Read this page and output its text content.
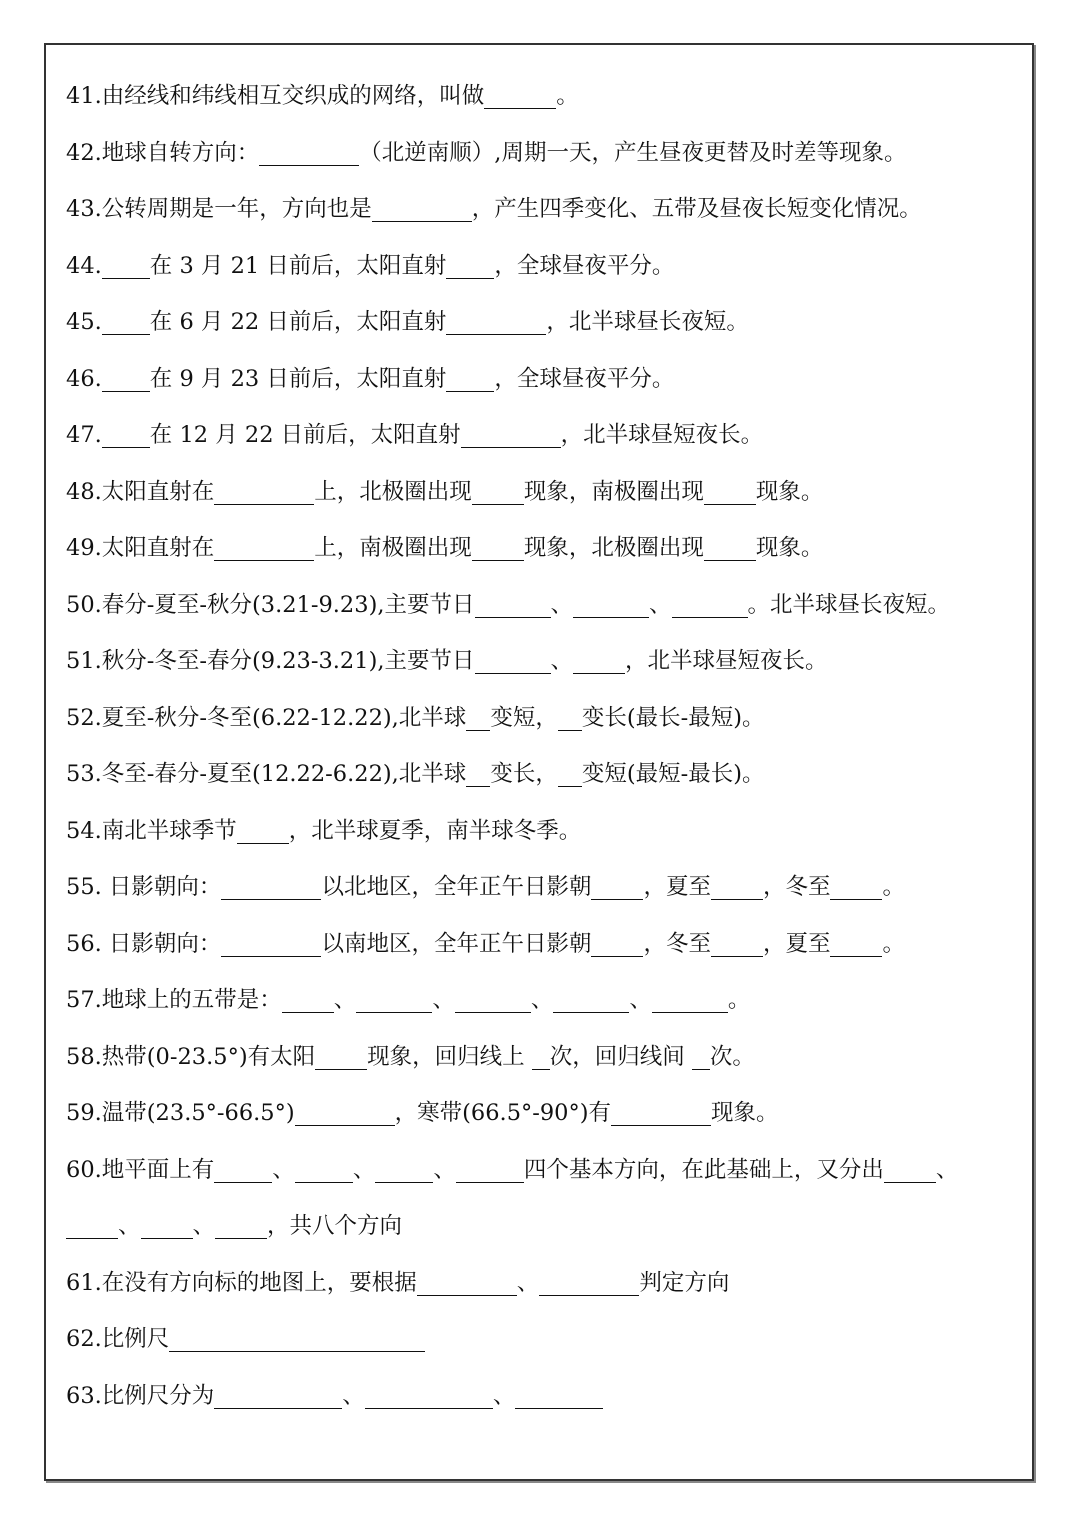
41.由经线和纬线相互交织成的网络，叫做	。
42.地球自转方向：	（北逆南顺）,周期一天，产生昼夜更替及时差等现象。
43.公转周期是一年，方向也是	，产生四季变化、五带及昼夜长短变化情况。
44. 在 3 月 21 日前后，太阳直射 ，全球昼夜平分。
45. 在 6 月 22 日前后，太阳直射	，北半球昼长夜短。
46. 在 9 月 23 日前后，太阳直射 ，全球昼夜平分。
47. 在 12 月 22 日前后，太阳直射	，北半球昼短夜长。
48.太阳直射在	上，北极圈出现 现象，南极圈出现 现象。
49.太阳直射在	上，南极圈出现 现象，北极圈出现 现象。
50.春分-夏至-秋分(3.21-9.23),主要节日	、	、	。北半球昼长夜短。
51.秋分-冬至-春分(9.23-3.21),主要节日	、 ，北半球昼短夜长。
52.夏至-秋分-冬至(6.22-12.22),北半球 变短， 变长(最长-最短)。
53.冬至-春分-夏至(12.22-6.22),北半球 变长， 变短(最短-最长)。
54.南北半球季节 ，北半球夏季，南半球冬季。
55. 日影朝向：	以北地区，全年正午日影朝 ，夏至 ，冬至 。
56. 日影朝向：	以南地区，全年正午日影朝 ，冬至 ，夏至 。
57.地球上的五带是： 、	、	、	、	。
58.热带(0-23.5°)有太阳 现象，回归线上 次，回归线间 次。
59.温带(23.5°-66.5°)	，寒带(66.5°-90°)有	现象。
60.地平面上有	、	、	、	四个基本方向，在此基础上，又分出 、
、 、 ，共八个方向
61.在没有方向标的地图上，要根据	、	判定方向
62.比例尺
63.比例尺分为	、	、
